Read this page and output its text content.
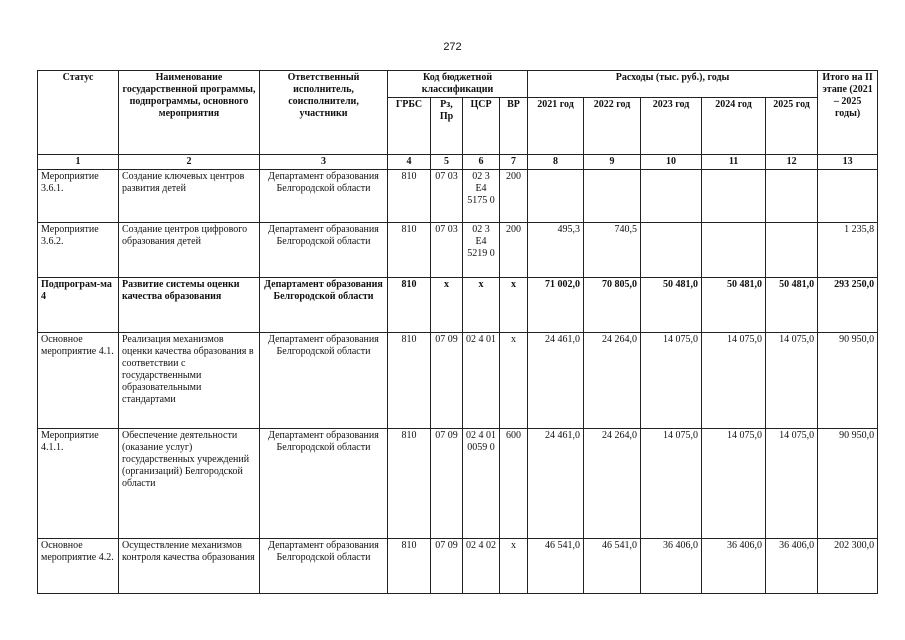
272
Статус	Наименование государственной программы, подпрограммы, основного мероприятия	Ответственный исполнитель, соисполнители, участники	Код бюджетной классификации				Расходы (тыс. руб.), годы					Итого на II этапе (2021 – 2025 годы)
			ГРБС	Рз, Пр	ЦСР	ВР	2021 год	2022 год	2023 год	2024 год	2025 год	
1	2	3	4	5	6	7	8	9	10	11	12	13
Мероприятие 3.6.1.	Создание ключевых центров развития детей	Департамент образования Белгородской области	810	07 03	02 3 E4 5175 0	200						
Мероприятие 3.6.2.	Создание центров цифрового образования детей	Департамент образования Белгородской области	810	07 03	02 3 E4 5219 0	200	495,3	740,5				1 235,8
Подпрограм-ма 4	Развитие системы оценки качества образования	Департамент образования Белгородской области	810	x	x	x	71 002,0	70 805,0	50 481,0	50 481,0	50 481,0	293 250,0
Основное мероприятие 4.1.	Реализация механизмов оценки качества образования в соответствии с государственными образовательными стандартами	Департамент образования Белгородской области	810	07 09	02 4 01	x	24 461,0	24 264,0	14 075,0	14 075,0	14 075,0	90 950,0
Мероприятие 4.1.1.	Обеспечение деятельности (оказание услуг) государственных учреждений (организаций) Белгородской области	Департамент образования Белгородской области	810	07 09	02 4 01 0059 0	600	24 461,0	24 264,0	14 075,0	14 075,0	14 075,0	90 950,0
Основное мероприятие 4.2.	Осуществление механизмов контроля качества образования	Департамент образования Белгородской области	810	07 09	02 4 02	x	46 541,0	46 541,0	36 406,0	36 406,0	36 406,0	202 300,0
